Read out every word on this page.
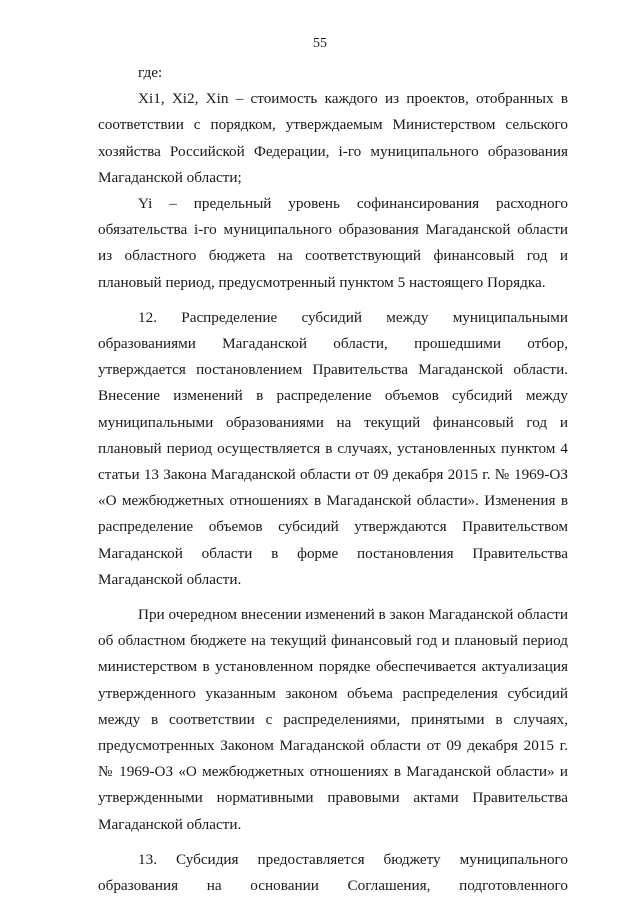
55

где:

Xi1, Xi2, Xin – стоимость каждого из проектов, отобранных в соответствии с порядком, утверждаемым Министерством сельского хозяйства Российской Федерации, i-го муниципального образования Магаданской области;

Yi – предельный уровень софинансирования расходного обязательства i-го муниципального образования Магаданской области из областного бюджета на соответствующий финансовый год и плановый период, предусмотренный пунктом 5 настоящего Порядка.

12. Распределение субсидий между муниципальными образованиями Магаданской области, прошедшими отбор, утверждается постановлением Правительства Магаданской области. Внесение изменений в распределение объемов субсидий между муниципальными образованиями на текущий финансовый год и плановый период осуществляется в случаях, установленных пунктом 4 статьи 13 Закона Магаданской области от 09 декабря 2015 г. № 1969-ОЗ «О межбюджетных отношениях в Магаданской области». Изменения в распределение объемов субсидий утверждаются Правительством Магаданской области в форме постановления Правительства Магаданской области.

При очередном внесении изменений в закон Магаданской области об областном бюджете на текущий финансовый год и плановый период министерством в установленном порядке обеспечивается актуализация утвержденного указанным законом объема распределения субсидий между в соответствии с распределениями, принятыми в случаях, предусмотренных Законом Магаданской области от 09 декабря 2015 г. № 1969-ОЗ «О межбюджетных отношениях в Магаданской области» и утвержденными нормативными правовыми актами Правительства Магаданской области.

13. Субсидия предоставляется бюджету муниципального образования на основании Соглашения, подготовленного
